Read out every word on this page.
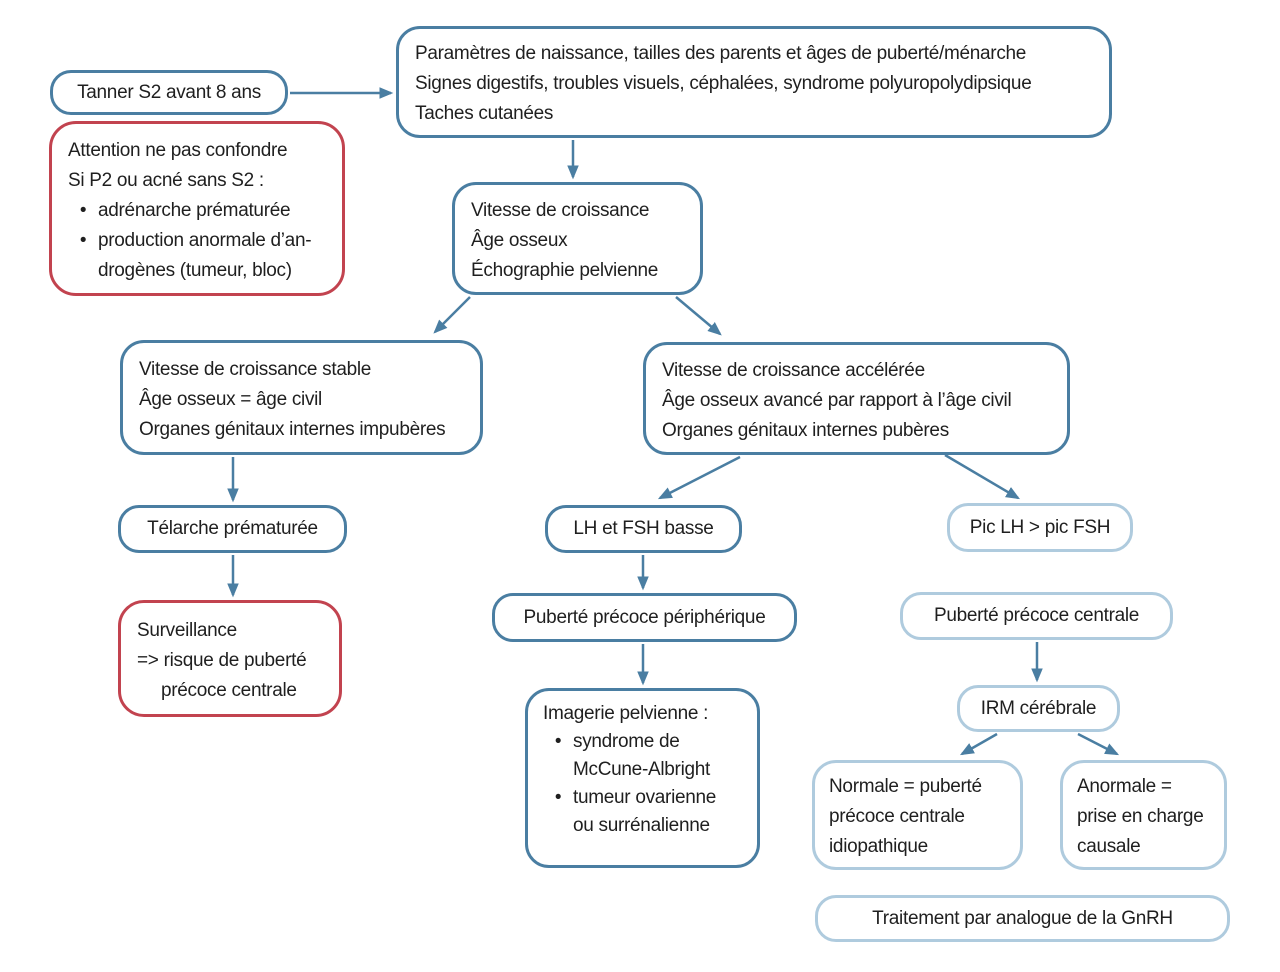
Tanner S2 avant 8 ans
Paramètres de naissance, tailles des parents et âges de puberté/ménarche
Signes digestifs, troubles visuels, céphalées, syndrome polyuropolydipsique
Taches cutanées
Attention ne pas confondre
Si P2 ou acné sans S2 :
• adrénarche prématurée
• production anormale d’an-
drogènes (tumeur, bloc)
Vitesse de croissance
Âge osseux
Échographie pelvienne
Vitesse de croissance stable
Âge osseux = âge civil
Organes génitaux internes impubères
Vitesse de croissance accélérée
Âge osseux avancé par rapport à l’âge civil
Organes génitaux internes pubères
Télarche prématurée	LH et FSH basse	Pic LH > pic FSH
Surveillance
=> risque de puberté
précoce centrale
Puberté précoce périphérique	Puberté précoce centrale
Imagerie pelvienne :
• syndrome de
McCune-Albright
• tumeur ovarienne
ou surrénalienne
IRM cérébrale
Normale = puberté
précoce centrale
idiopathique
Anormale =
prise en charge
causale
Traitement par analogue de la GnRH
